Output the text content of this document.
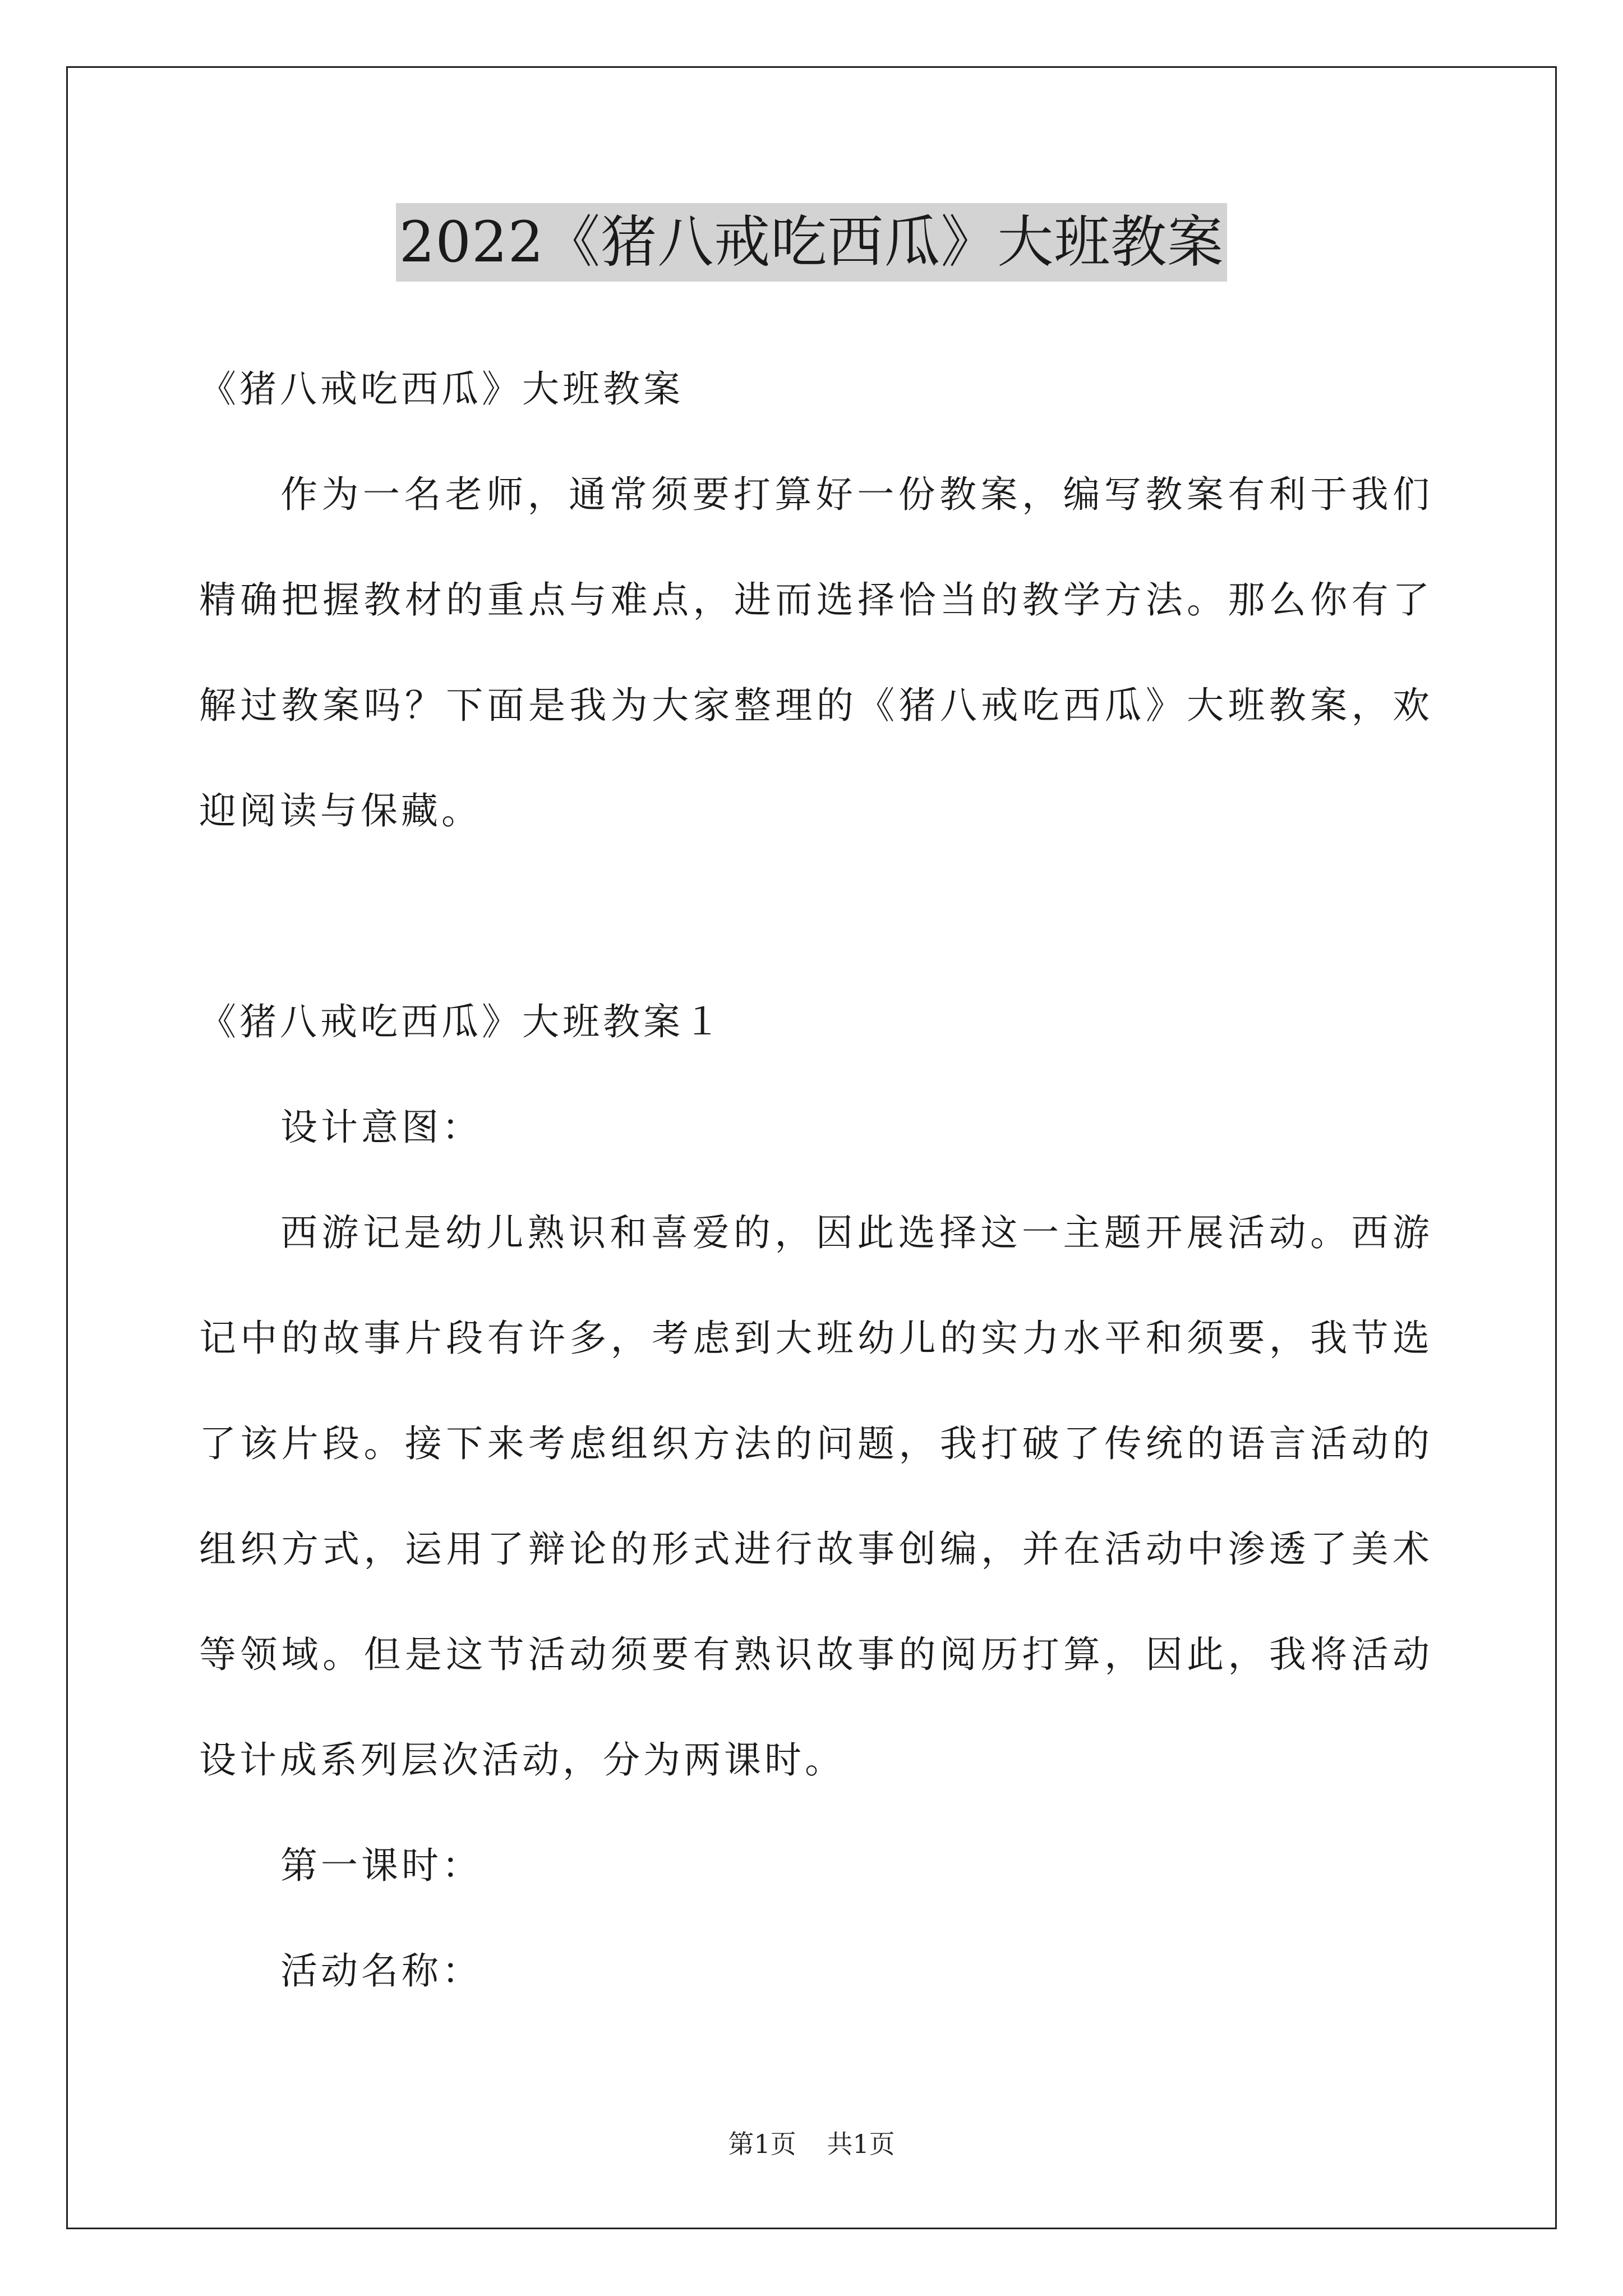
2022《猪八戒吃西瓜》大班教案

《猪八戒吃西瓜》大班教案

作为一名老师，通常须要打算好一份教案，编写教案有利于我们精确把握教材的重点与难点，进而选择恰当的教学方法。那么你有了解过教案吗？下面是我为大家整理的《猪八戒吃西瓜》大班教案，欢迎阅读与保藏。

《猪八戒吃西瓜》大班教案１

设计意图：

西游记是幼儿熟识和喜爱的，因此选择这一主题开展活动。西游记中的故事片段有许多，考虑到大班幼儿的实力水平和须要，我节选了该片段。接下来考虑组织方法的问题，我打破了传统的语言活动的组织方式，运用了辩论的形式进行故事创编，并在活动中渗透了美术等领域。但是这节活动须要有熟识故事的阅历打算，因此，我将活动设计成系列层次活动，分为两课时。

第一课时：

活动名称：

第1页 共1页
